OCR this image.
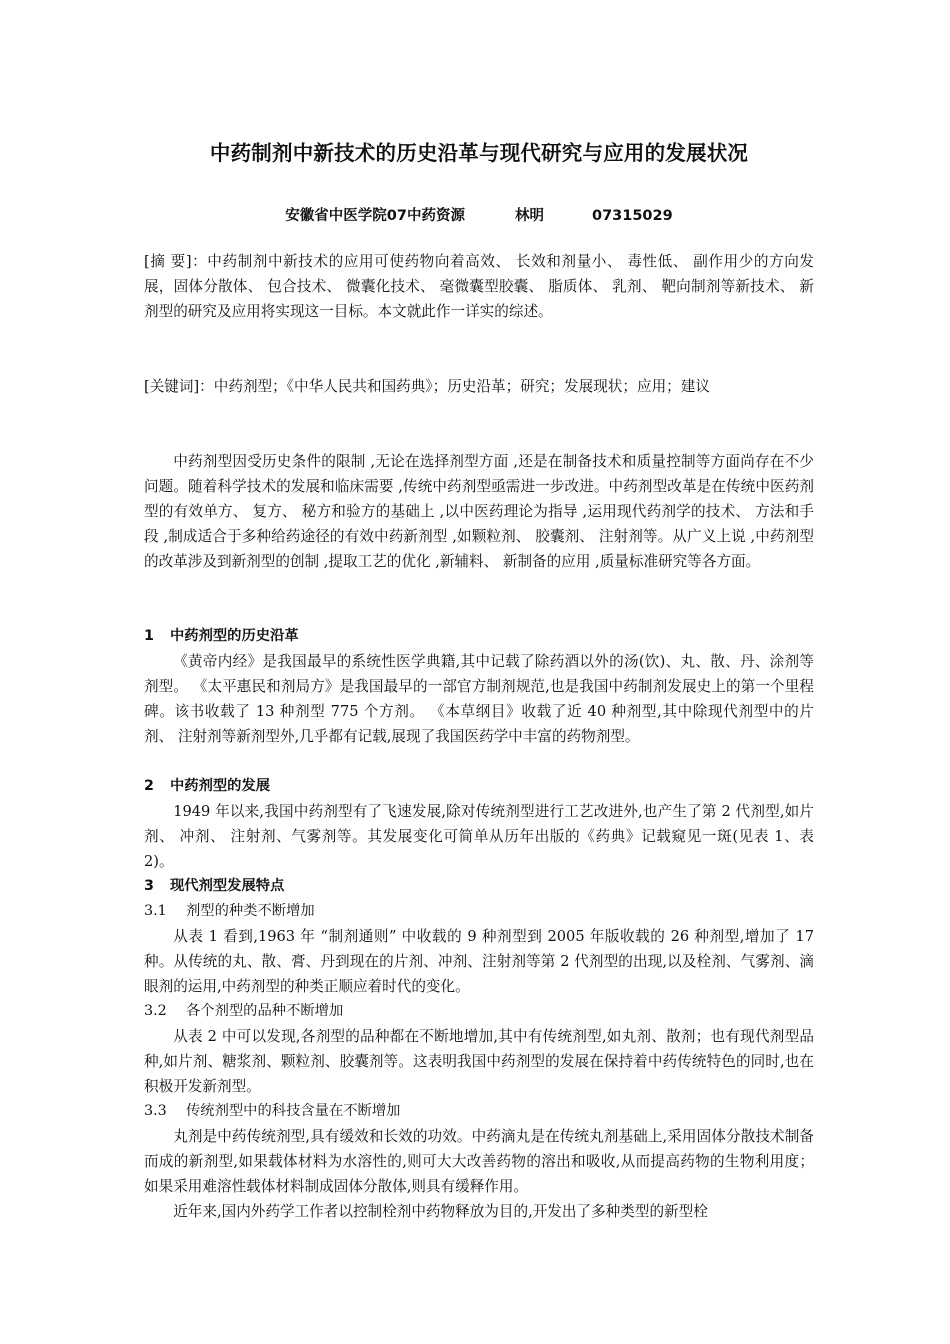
中药制剂中新技术的历史沿革与现代研究与应用的发展状况
安徽省中医学院07中药资源	林明	07315029

[摘 要]：中药制剂中新技术的应用可使药物向着高效、 长效和剂量小、 毒性低、 副作用少的方向发展，固体分散体、 包合技术、 微囊化技术、 毫微囊型胶囊、 脂质体、 乳剂、 靶向制剂等新技术、 新剂型的研究及应用将实现这一目标。本文就此作一详实的综述。

[关键词]：中药剂型；《中华人民共和国药典》；历史沿革；研究；发展现状；应用；建议

中药剂型因受历史条件的限制 ,无论在选择剂型方面 ,还是在制备技术和质量控制等方面尚存在不少问题。随着科学技术的发展和临床需要 ,传统中药剂型亟需进一步改进。中药剂型改革是在传统中医药剂型的有效单方、 复方、 秘方和验方的基础上 ,以中医药理论为指导 ,运用现代药剂学的技术、 方法和手段 ,制成适合于多种给药途径的有效中药新剂型 ,如颗粒剂、 胶囊剂、 注射剂等。从广义上说 ,中药剂型的改革涉及到新剂型的创制 ,提取工艺的优化 ,新辅料、 新制备的应用 ,质量标准研究等各方面。

1 中药剂型的历史沿革

《黄帝内经》是我国最早的系统性医学典籍,其中记载了除药酒以外的汤(饮)、丸、散、丹、涂剂等剂型。 《太平惠民和剂局方》是我国最早的一部官方制剂规范,也是我国中药制剂发展史上的第一个里程碑。该书收载了 13 种剂型 775 个方剂。 《本草纲目》收载了近 40 种剂型,其中除现代剂型中的片剂、 注射剂等新剂型外,几乎都有记载,展现了我国医药学中丰富的药物剂型。

2 中药剂型的发展

1949 年以来,我国中药剂型有了飞速发展,除对传统剂型进行工艺改进外,也产生了第 2 代剂型,如片剂、 冲剂、 注射剂、气雾剂等。其发展变化可简单从历年出版的《药典》记载窥见一斑(见表 1、表 2)。

3 现代剂型发展特点
3.1 剂型的种类不断增加

从表 1 看到,1963 年 “制剂通则” 中收载的 9 种剂型到 2005 年版收载的 26 种剂型,增加了 17 种。从传统的丸、散、膏、丹到现在的片剂、冲剂、注射剂等第 2 代剂型的出现,以及栓剂、气雾剂、滴眼剂的运用,中药剂型的种类正顺应着时代的变化。

3.2 各个剂型的品种不断增加

从表 2 中可以发现,各剂型的品种都在不断地增加,其中有传统剂型,如丸剂、散剂；也有现代剂型品种,如片剂、糖浆剂、颗粒剂、胶囊剂等。这表明我国中药剂型的发展在保持着中药传统特色的同时,也在积极开发新剂型。

3.3 传统剂型中的科技含量在不断增加

丸剂是中药传统剂型,具有缓效和长效的功效。中药滴丸是在传统丸剂基础上,采用固体分散技术制备而成的新剂型,如果载体材料为水溶性的,则可大大改善药物的溶出和吸收,从而提高药物的生物利用度； 如果采用难溶性载体材料制成固体分散体,则具有缓释作用。

近年来,国内外药学工作者以控制栓剂中药物释放为目的,开发出了多种类型的新型栓
